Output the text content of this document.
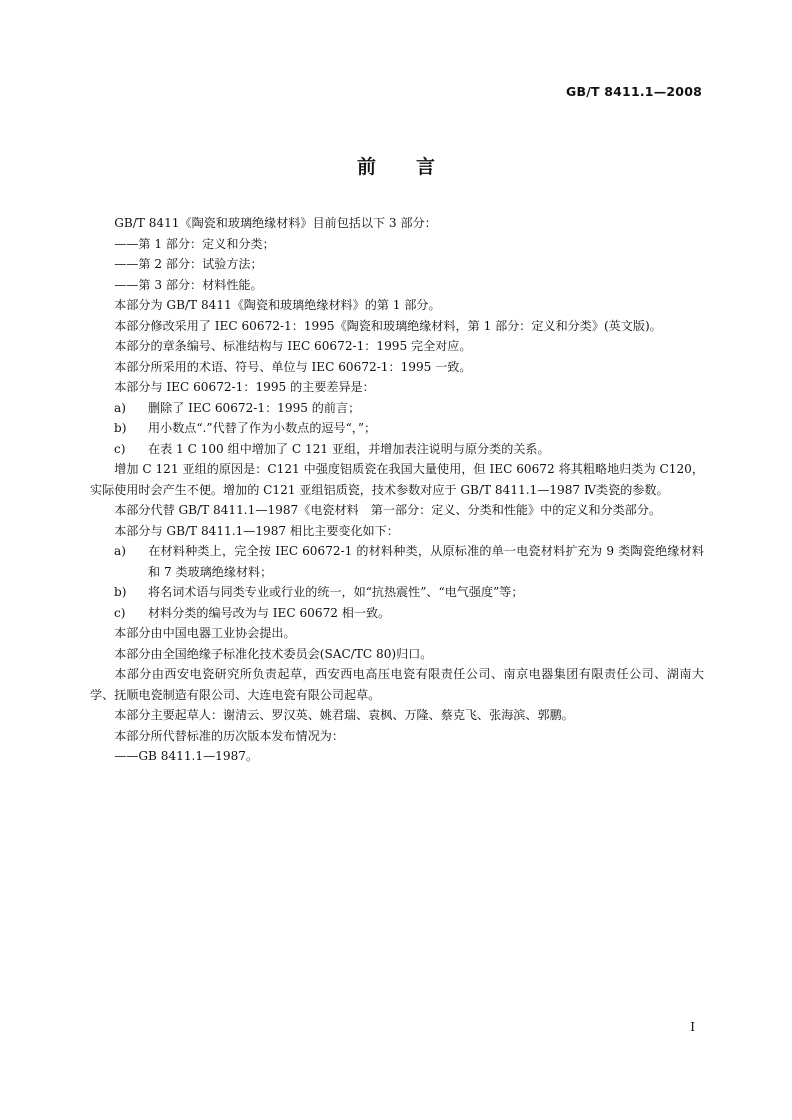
GB/T 8411.1—2008
前言
GB/T 8411《陶瓷和玻璃绝缘材料》目前包括以下 3 部分：
——第 1 部分：定义和分类；
——第 2 部分：试验方法；
——第 3 部分：材料性能。
本部分为 GB/T 8411《陶瓷和玻璃绝缘材料》的第 1 部分。
本部分修改采用了 IEC 60672-1：1995《陶瓷和玻璃绝缘材料，第 1 部分：定义和分类》(英文版)。
本部分的章条编号、标准结构与 IEC 60672-1：1995 完全对应。
本部分所采用的术语、符号、单位与 IEC 60672-1：1995 一致。
本部分与 IEC 60672-1：1995 的主要差异是：
a) 删除了 IEC 60672-1：1995 的前言；
b) 用小数点“.”代替了作为小数点的逗号“，”；
c) 在表 1 C 100 组中增加了 C 121 亚组，并增加表注说明与原分类的关系。
增加 C 121 亚组的原因是：C121 中强度铝质瓷在我国大量使用，但 IEC 60672 将其粗略地归类为 C120，实际使用时会产生不便。增加的 C121 亚组铝质瓷，技术参数对应于 GB/T 8411.1—1987 Ⅳ类瓷的参数。
本部分代替 GB/T 8411.1—1987《电瓷材料　第一部分：定义、分类和性能》中的定义和分类部分。
本部分与 GB/T 8411.1—1987 相比主要变化如下：
a) 在材料种类上，完全按 IEC 60672-1 的材料种类，从原标准的单一电瓷材料扩充为 9 类陶瓷绝缘材料和 7 类玻璃绝缘材料；
b) 将名词术语与同类专业或行业的统一，如“抗热震性”、“电气强度”等；
c) 材料分类的编号改为与 IEC 60672 相一致。
本部分由中国电器工业协会提出。
本部分由全国绝缘子标准化技术委员会(SAC/TC 80)归口。
本部分由西安电瓷研究所负责起草，西安西电高压电瓷有限责任公司、南京电器集团有限责任公司、湖南大学、抚顺电瓷制造有限公司、大连电瓷有限公司起草。
本部分主要起草人：谢清云、罗汉英、姚君瑞、袁枫、万隆、蔡克飞、张海滨、郭鹏。
本部分所代替标准的历次版本发布情况为：
——GB 8411.1—1987。
I
